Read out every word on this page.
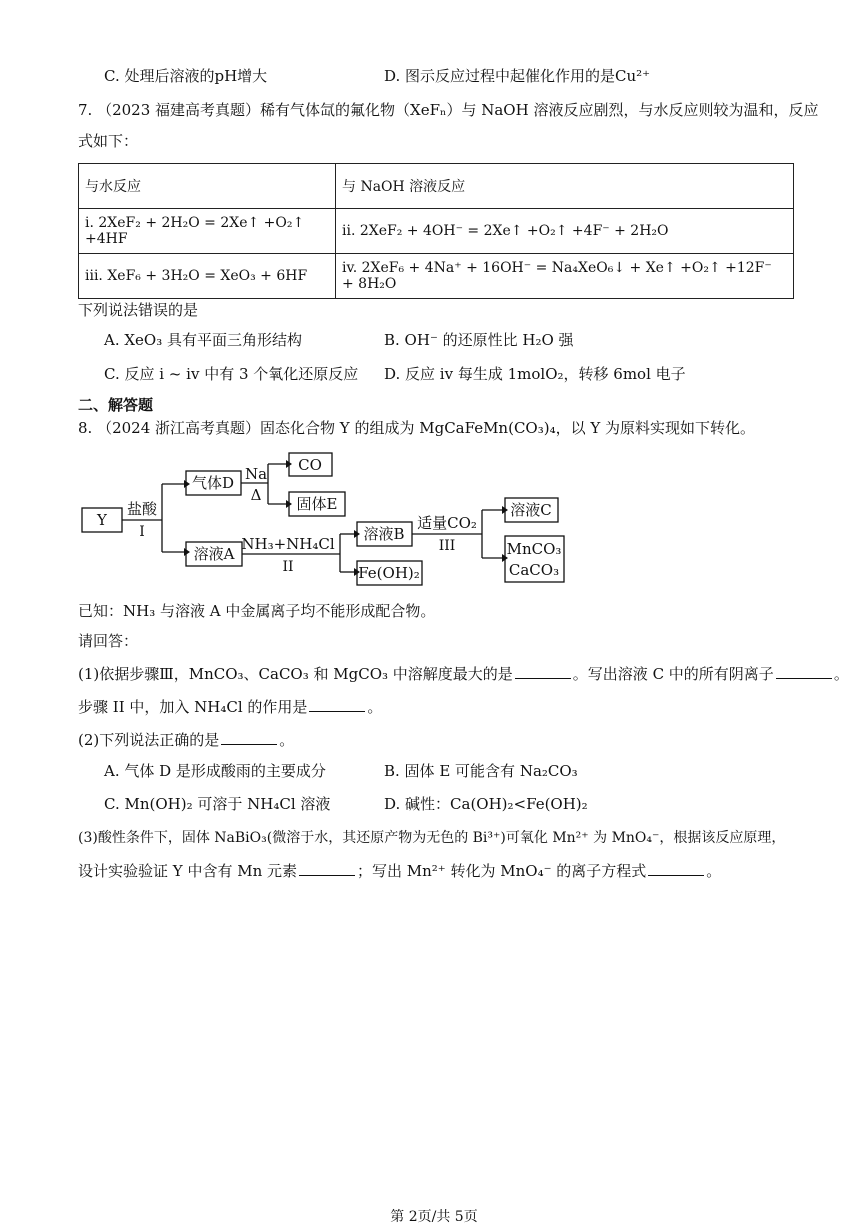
C. 处理后溶液的pH增大	D. 图示反应过程中起催化作用的是Cu²⁺
7. （2023 福建高考真题）稀有气体氙的氟化物（XeFₙ）与 NaOH 溶液反应剧烈，与水反应则较为温和，反应
式如下：
与水反应	与 NaOH 溶液反应
i. 2XeF₂ + 2H₂O = 2Xe↑ +O₂↑ +4HF	ii. 2XeF₂ + 4OH⁻ = 2Xe↑ +O₂↑ +4F⁻ + 2H₂O
iii. XeF₆ + 3H₂O = XeO₃ + 6HF	iv. 2XeF₆ + 4Na⁺ + 16OH⁻ = Na₄XeO₆↓ + Xe↑ +O₂↑ +12F⁻ + 8H₂O
下列说法错误的是
A. XeO₃ 具有平面三角形结构	B. OH⁻ 的还原性比 H₂O 强
C. 反应 i ~ iv 中有 3 个氧化还原反应 D. 反应 iv 每生成 1molO₂，转移 6mol 电子
二、解答题
8. （2024 浙江高考真题）固态化合物 Y 的组成为 MgCaFeMn(CO₃)₄，以 Y 为原料实现如下转化。
Y
盐酸
I
气体D Na
Δ
CO
固体E
溶液A
NH₃+NH₄Cl
II
溶液B
Fe(OH)₂
适量CO₂
III
溶液C
MnCO₃
CaCO₃
已知：NH₃ 与溶液 A 中金属离子均不能形成配合物。
请回答：
(1)依据步骤Ⅲ，MnCO₃、CaCO₃ 和 MgCO₃ 中溶解度最大的是	。写出溶液 C 中的所有阴离子	。
步骤 II 中，加入 NH₄Cl 的作用是	。
(2)下列说法正确的是	。
A. 气体 D 是形成酸雨的主要成分	B. 固体 E 可能含有 Na₂CO₃
C. Mn(OH)₂ 可溶于 NH₄Cl 溶液	D. 碱性：Ca(OH)₂<Fe(OH)₂
(3)酸性条件下，固体 NaBiO₃(微溶于水，其还原产物为无色的 Bi³⁺)可氧化 Mn²⁺ 为 MnO₄⁻，根据该反应原理，
设计实验验证 Y 中含有 Mn 元素	；写出 Mn²⁺ 转化为 MnO₄⁻ 的离子方程式	。
第 2页/共 5页
